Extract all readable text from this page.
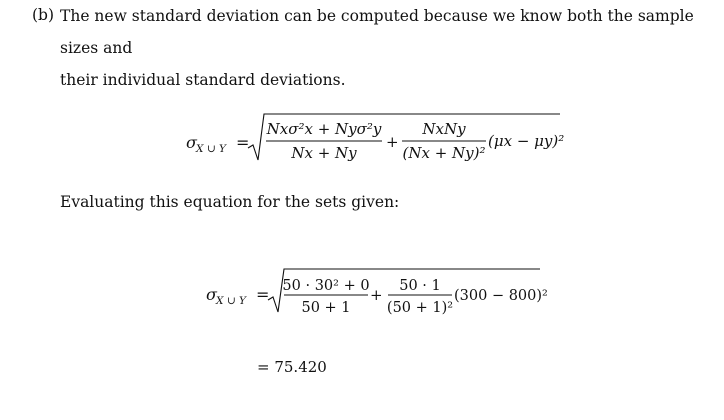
(b) The new standard deviation can be computed because we know both the sample sizes and
their individual standard deviations.
σ X ∪ Y =
Nxσ²x + Nyσ²y
Nx + Ny
+
NxNy
(Nx + Ny)²
(μx − μy)²
Evaluating this equation for the sets given:
σ X ∪ Y = 50 · 30² + 0
50 + 1
+ 50 · 1
(50 + 1)²
(300 − 800)²
= 75.420
